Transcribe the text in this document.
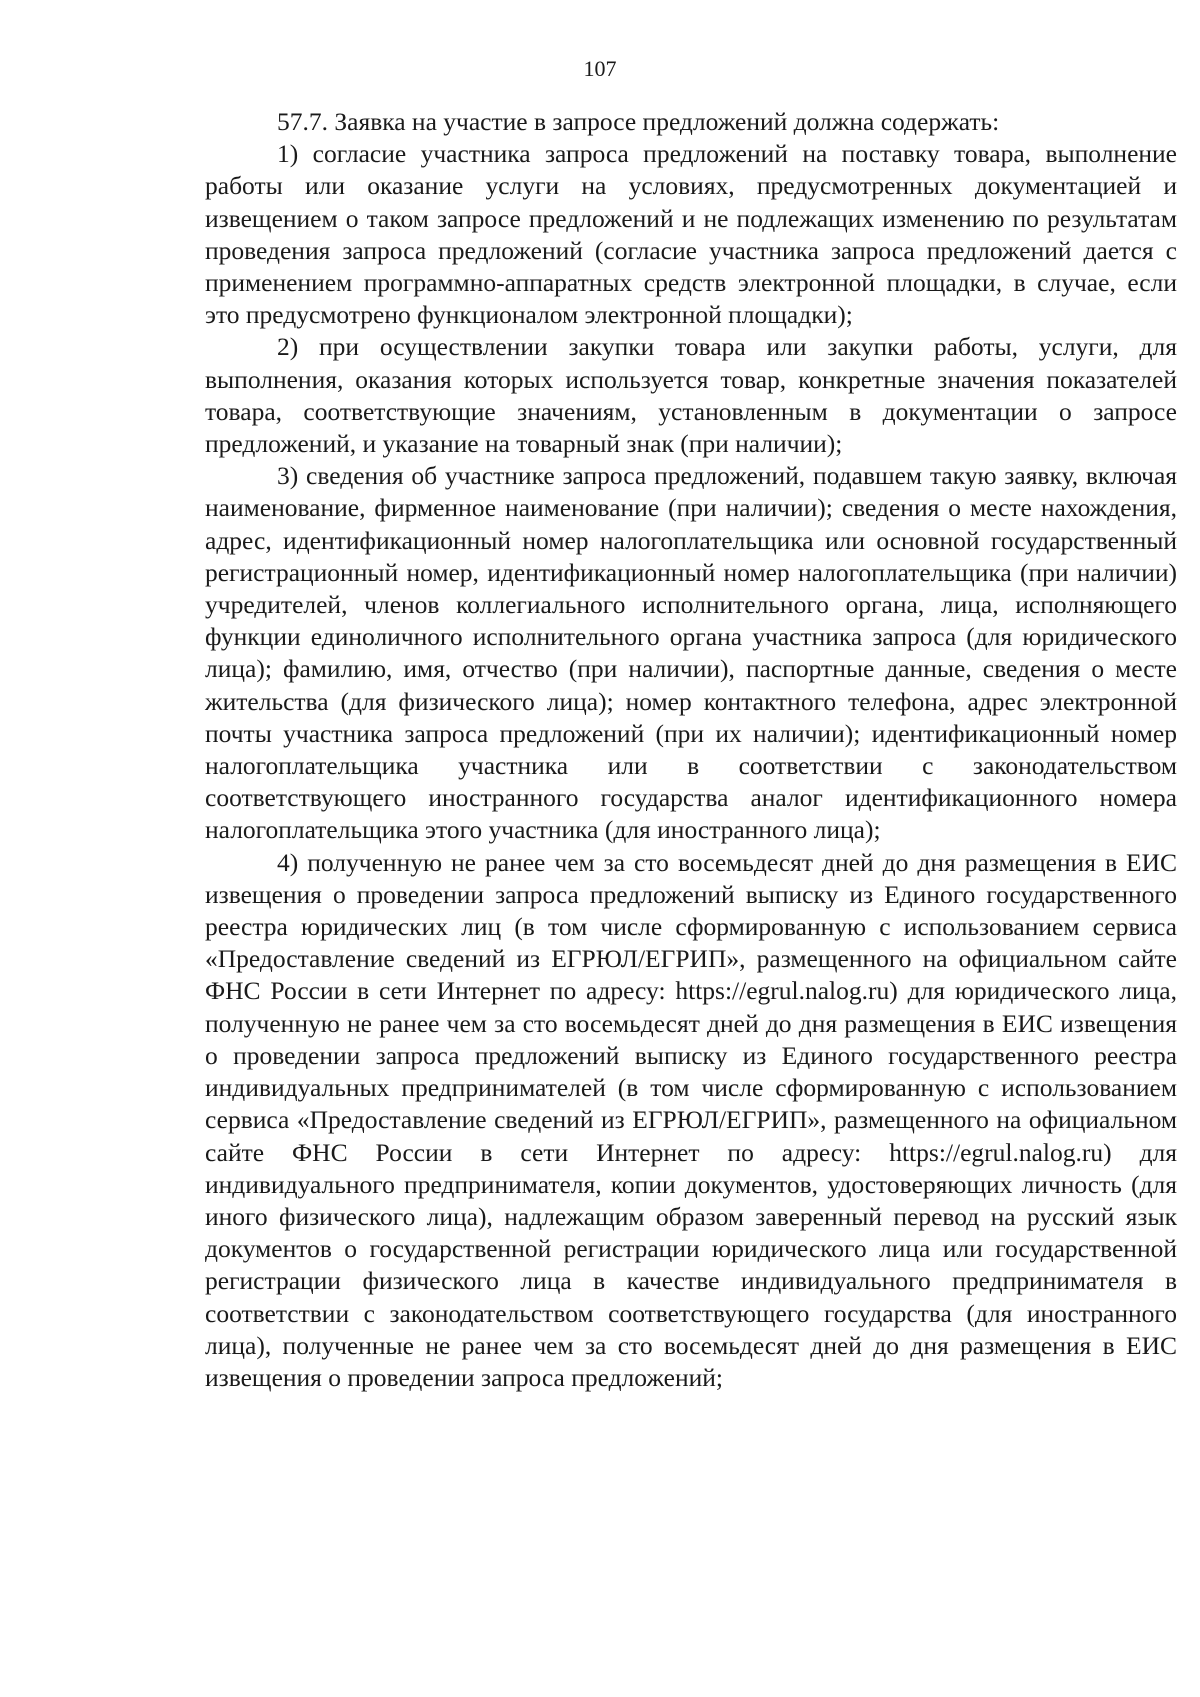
107

57.7. Заявка на участие в запросе предложений должна содержать:

1) согласие участника запроса предложений на поставку товара, выполнение работы или оказание услуги на условиях, предусмотренных документацией и извещением о таком запросе предложений и не подлежащих изменению по результатам проведения запроса предложений (согласие участника запроса предложений дается с применением программно-аппаратных средств электронной площадки, в случае, если это предусмотрено функционалом электронной площадки);

2) при осуществлении закупки товара или закупки работы, услуги, для выполнения, оказания которых используется товар, конкретные значения показателей товара, соответствующие значениям, установленным в документации о запросе предложений, и указание на товарный знак (при наличии);

3) сведения об участнике запроса предложений, подавшем такую заявку, включая наименование, фирменное наименование (при наличии); сведения о месте нахождения, адрес, идентификационный номер налогоплательщика или основной государственный регистрационный номер, идентификационный номер налогоплательщика (при наличии) учредителей, членов коллегиального исполнительного органа, лица, исполняющего функции единоличного исполнительного органа участника запроса (для юридического лица); фамилию, имя, отчество (при наличии), паспортные данные, сведения о месте жительства (для физического лица); номер контактного телефона, адрес электронной почты участника запроса предложений (при их наличии); идентификационный номер налогоплательщика участника или в соответствии с законодательством соответствующего иностранного государства аналог идентификационного номера налогоплательщика этого участника (для иностранного лица);

4) полученную не ранее чем за сто восемьдесят дней до дня размещения в ЕИС извещения о проведении запроса предложений выписку из Единого государственного реестра юридических лиц (в том числе сформированную с использованием сервиса «Предоставление сведений из ЕГРЮЛ/ЕГРИП», размещенного на официальном сайте ФНС России в сети Интернет по адресу: https://egrul.nalog.ru) для юридического лица, полученную не ранее чем за сто восемьдесят дней до дня размещения в ЕИС извещения о проведении запроса предложений выписку из Единого государственного реестра индивидуальных предпринимателей (в том числе сформированную с использованием сервиса «Предоставление сведений из ЕГРЮЛ/ЕГРИП», размещенного на официальном сайте ФНС России в сети Интернет по адресу: https://egrul.nalog.ru) для индивидуального предпринимателя, копии документов, удостоверяющих личность (для иного физического лица), надлежащим образом заверенный перевод на русский язык документов о государственной регистрации юридического лица или государственной регистрации физического лица в качестве индивидуального предпринимателя в соответствии с законодательством соответствующего государства (для иностранного лица), полученные не ранее чем за сто восемьдесят дней до дня размещения в ЕИС извещения о проведении запроса предложений;
